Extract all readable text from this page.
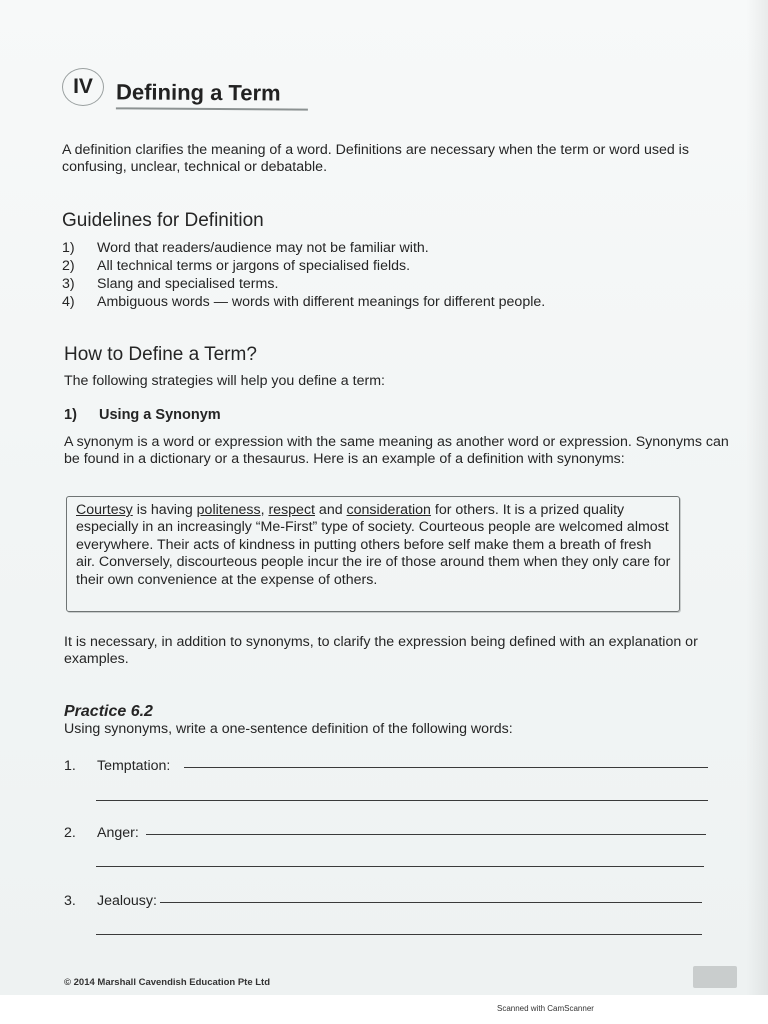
IV	Defining a Term
A definition clarifies the meaning of a word. Definitions are necessary when the term or word used is confusing, unclear, technical or debatable.
Guidelines for Definition
1) Word that readers/audience may not be familiar with.
2) All technical terms or jargons of specialised fields.
3) Slang and specialised terms.
4) Ambiguous words — words with different meanings for different people.
How to Define a Term?
The following strategies will help you define a term:
1) Using a Synonym
A synonym is a word or expression with the same meaning as another word or expression. Synonyms can be found in a dictionary or a thesaurus. Here is an example of a definition with synonyms:
Courtesy is having politeness, respect and consideration for others. It is a prized quality especially in an increasingly “Me-First” type of society. Courteous people are welcomed almost everywhere. Their acts of kindness in putting others before self make them a breath of fresh air. Conversely, discourteous people incur the ire of those around them when they only care for their own convenience at the expense of others.
It is necessary, in addition to synonyms, to clarify the expression being defined with an explanation or examples.
Practice 6.2
Using synonyms, write a one-sentence definition of the following words:
1. Temptation:
2. Anger:
3. Jealousy:
© 2014 Marshall Cavendish Education Pte Ltd
Scanned with CamScanner
